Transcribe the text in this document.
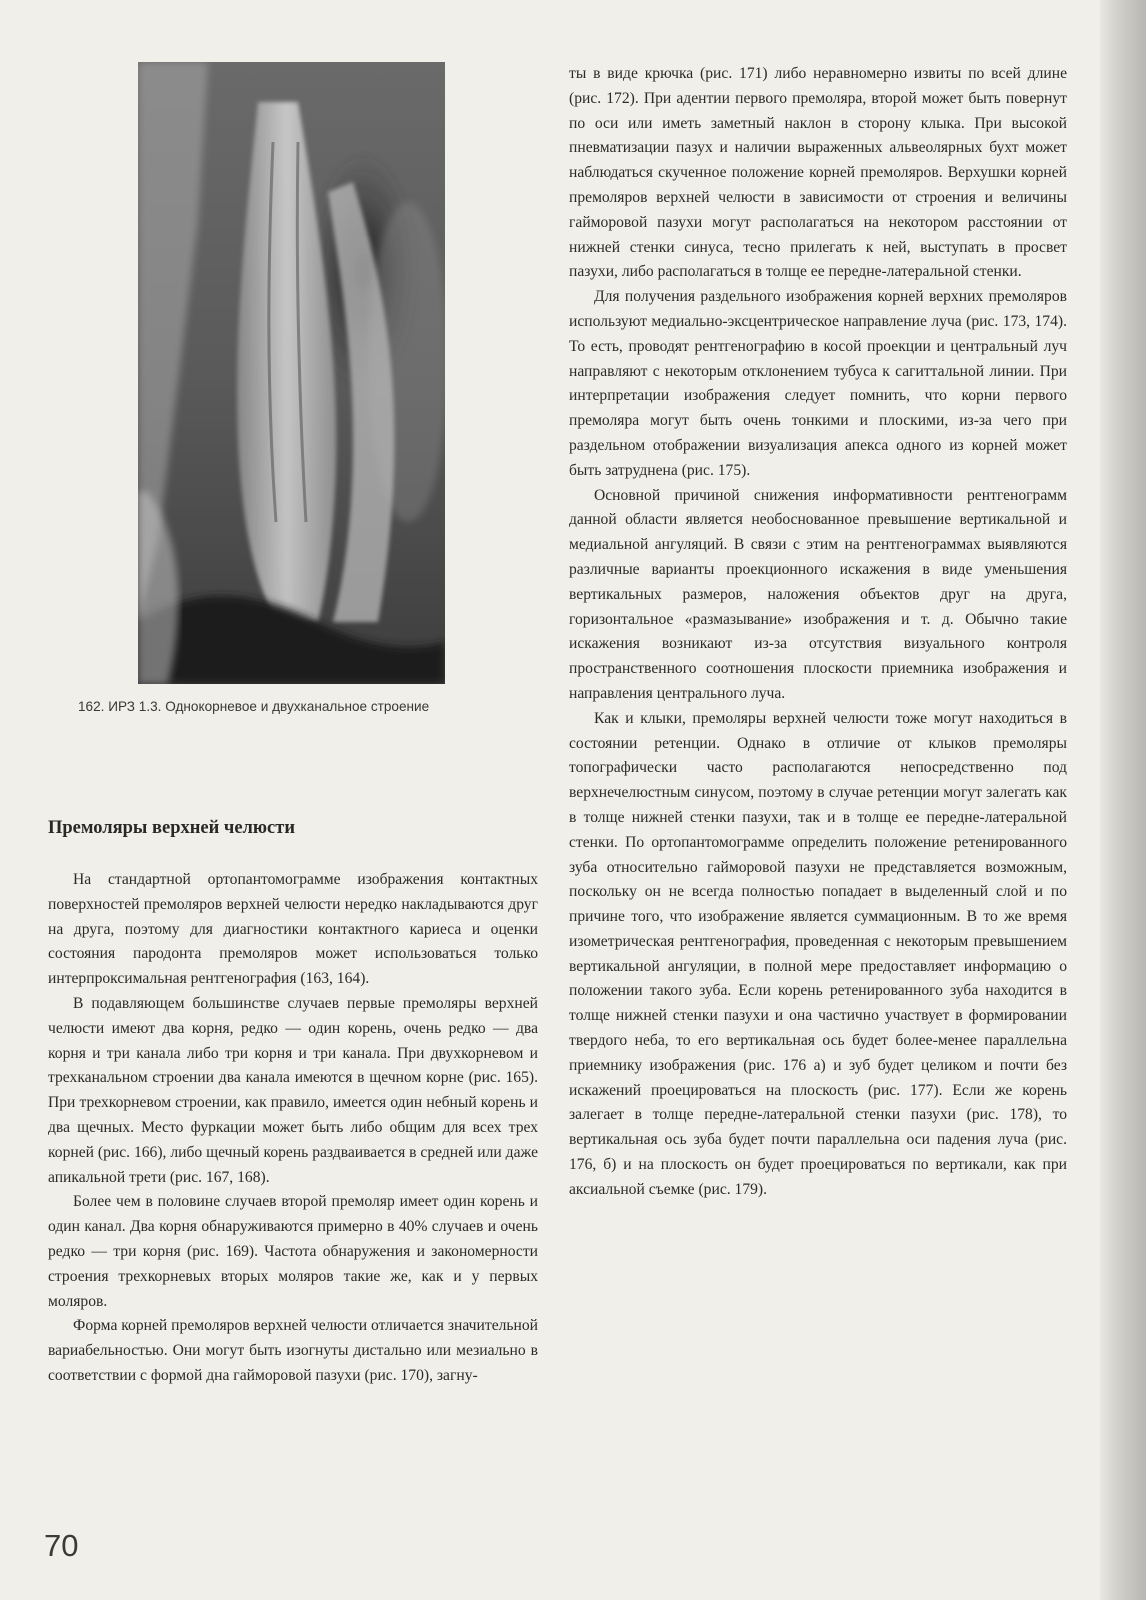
162. ИРЗ 1.3. Однокорневое и двухканальное строение
Премоляры верхней челюсти

На стандартной ортопантомограмме изображения контактных поверхностей премоляров верхней челюсти нередко накладываются друг на друга, поэтому для диагностики контактного кариеса и оценки состояния пародонта премоляров может использоваться только интерпроксимальная рентгенография (163, 164).

В подавляющем большинстве случаев первые премоляры верхней челюсти имеют два корня, редко — один корень, очень редко — два корня и три канала либо три корня и три канала. При двухкорневом и трехканальном строении два канала имеются в щечном корне (рис. 165). При трехкорневом строении, как правило, имеется один небный корень и два щечных. Место фуркации может быть либо общим для всех трех корней (рис. 166), либо щечный корень раздваивается в средней или даже апикальной трети (рис. 167, 168).

Более чем в половине случаев второй премоляр имеет один корень и один канал. Два корня обнаруживаются примерно в 40% случаев и очень редко — три корня (рис. 169). Частота обнаружения и закономерности строения трехкорневых вторых моляров такие же, как и у первых моляров.

Форма корней премоляров верхней челюсти отличается значительной вариабельностью. Они могут быть изогнуты дистально или мезиально в соответствии с формой дна гайморовой пазухи (рис. 170), загну-

ты в виде крючка (рис. 171) либо неравномерно извиты по всей длине (рис. 172). При адентии первого премоляра, второй может быть повернут по оси или иметь заметный наклон в сторону клыка. При высокой пневматизации пазух и наличии выраженных альвеолярных бухт может наблюдаться скученное положение корней премоляров. Верхушки корней премоляров верхней челюсти в зависимости от строения и величины гайморовой пазухи могут располагаться на некотором расстоянии от нижней стенки синуса, тесно прилегать к ней, выступать в просвет пазухи, либо располагаться в толще ее передне-латеральной стенки.

Для получения раздельного изображения корней верхних премоляров используют медиально-эксцентрическое направление луча (рис. 173, 174). То есть, проводят рентгенографию в косой проекции и центральный луч направляют с некоторым отклонением тубуса к сагиттальной линии. При интерпретации изображения следует помнить, что корни первого премоляра могут быть очень тонкими и плоскими, из-за чего при раздельном отображении визуализация апекса одного из корней может быть затруднена (рис. 175).

Основной причиной снижения информативности рентгенограмм данной области является необоснованное превышение вертикальной и медиальной ангуляций. В связи с этим на рентгенограммах выявляются различные варианты проекционного искажения в виде уменьшения вертикальных размеров, наложения объектов друг на друга, горизонтальное «размазывание» изображения и т. д. Обычно такие искажения возникают из-за отсутствия визуального контроля пространственного соотношения плоскости приемника изображения и направления центрального луча.

Как и клыки, премоляры верхней челюсти тоже могут находиться в состоянии ретенции. Однако в отличие от клыков премоляры топографически часто располагаются непосредственно под верхнечелюстным синусом, поэтому в случае ретенции могут залегать как в толще нижней стенки пазухи, так и в толще ее передне-латеральной стенки. По ортопантомограмме определить положение ретенированного зуба относительно гайморовой пазухи не представляется возможным, поскольку он не всегда полностью попадает в выделенный слой и по причине того, что изображение является суммационным. В то же время изометрическая рентгенография, проведенная с некоторым превышением вертикальной ангуляции, в полной мере предоставляет информацию о положении такого зуба. Если корень ретенированного зуба находится в толще нижней стенки пазухи и она частично участвует в формировании твердого неба, то его вертикальная ось будет более-менее параллельна приемнику изображения (рис. 176 а) и зуб будет целиком и почти без искажений проецироваться на плоскость (рис. 177). Если же корень залегает в толще передне-латеральной стенки пазухи (рис. 178), то вертикальная ось зуба будет почти параллельна оси падения луча (рис. 176, б) и на плоскость он будет проецироваться по вертикали, как при аксиальной съемке (рис. 179).

70
